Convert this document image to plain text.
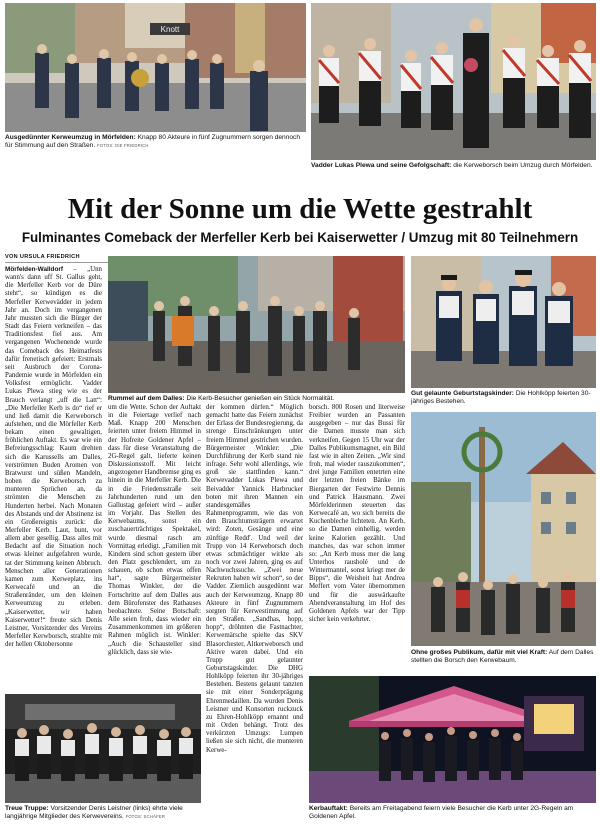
Knott
Ausgedünnter Kerweumzug in Mörfelden: Knapp 80 Akteure in fünf Zugnummern sorgen dennoch für Stimmung auf den Straßen. FOTOS: DIE FRIEDRICH
Vadder Lukas Plewa und seine Gefolgschaft: die Kerweborsch beim Umzug durch Mörfelden.
Mit der Sonne um die Wette gestrahlt
Fulminantes Comeback der Merfeller Kerb bei Kaiserwetter / Umzug mit 80 Teilnehmern
VON URSULA FRIEDRICH

Mörfelden-Walldorf – „Unn wann's dann uff St. Gallus geht, die Merfeller Kerb vor de Düre steht“, so kündigen es die Merfeller Kerwevädder in jedem Jahr an. Doch im vergangenen Jahr mussten sich die Bürger der Stadt das Feiern verkneifen – das Traditionsfest fiel aus. Am vergangenen Wochenende wurde das Comeback des Heimatfests dafür frenetisch gefeiert: Erstmals seit Ausbruch der Corona-Pandemie wurde in Mörfelden ein Volksfest ermöglicht. Vadder Lukas Plewa stieg wie es der Brauch verlangt „uff die Latt“: „Die Merfeller Kerb is do“ rief er und ließ damit die Kerweborsch aufstehen, und die Mörfeller Kerb bekam einen gewaltigen, fröhlichen Auftakt. Es war wie ein Befreiungsschlag: Kaum drehten sich die Karussells am Dalles, verströmten Buden Aromen von Bratwurst und süßen Mandeln, hoben die Kerweborsch zu munteren Sprüchen an, da strömten die Menschen zu Hunderten herbei. Nach Monaten des Abstands und der Abstinenz ist ein Großereignis zurück: die Merfeller Kerb. Laut, bunt, vor allem aber gesellig. Dass alles mit Bedacht auf die Situation noch etwas kleiner aufgefahren wurde, tat der Stimmung keinen Abbruch. Menschen aller Generationen kamen zum Kerweplatz, ins Kerwecafé und an die Straßenränder, um den kleinen Kerweumzug zu erleben. „Kaiserwetter, wir haben Kaiserwetter!“ freute sich Denis Leistner, Vorsitzender des Vereins Merfeller Kerwborsch, strahlte mit der hellen Oktobersonne

Rummel auf dem Dalles: Die Kerb-Besucher genießen ein Stück Normalität.

um die Wette. Schon der Auftakt in die Feiertage verlief nach Maß. Knapp 200 Menschen feierten unter freiem Himmel in der Hofreite Goldener Apfel – dass für diese Veranstaltung die 2G-Regel galt, lieferte keinen Diskussionsstoff. Mit leicht angezogener Handbremse ging es hinein in die Merfeller Kerb. Die in die Friedensstraße seit Jahrhunderten rund um den Gallustag gefeiert wird – außer im Vorjahr. Das Stellen des Kerwebaums, sonst ein zuschauerträchtiges Spektakel, wurde diesmal rasch am Vormittag erledigt. „Familien mit Kindern sind schon gestern über den Platz geschlendert, um zu schauen, ob schon etwas offen hat“, sagte Bürgermeister Thomas Winkler, der die Fortschritte auf dem Dalles aus dem Bürofenster des Rathauses beobachtete. Seine Botschaft: Alle seien froh, dass wieder ein Zusammenkommen im größeren Rahmen möglich ist. Winkler: „Auch die Schausteller sind glücklich, dass sie wie-

der kommen dürfen.“ Möglich gemacht hatte das Feiern zunächst der Erlass der Bundesregierung, da strenge Einschränkungen unter freiem Himmel gestrichen wurden. Bürgermeister Winkler: „Die Durchführung der Kerb stand nie infrage. Sehr wohl allerdings, wie groß sie stattfinden kann.“ Kerwevadder Lukas Plewa und Beivadder Yannick Harbrucker boten mit ihren Mannen ein standesgemäßes Rahmenprogramm, wie das von den Brauchtumsträgern erwartet wird: Zoten, Gesänge und eine zünftige Redd'. Und weil der Trupp von 14 Kerweborsch doch etwas schmächtiger wirkte als noch vor zwei Jahren, ging es auf Nachwuchssuche. „Zwei neue Rekruten haben wir schon“, so der Vadder. Ziemlich ausgedünnt war auch der Kerweumzug. Knapp 80 Akteure in fünf Zugnummern sorgten für Kerwestimmung auf den Straßen. „Sandhas, hopp, hopp“, dröhnten die Fastnachter, Kerwemärsche spielte das SKV Blasorchester, Altkerweborsch und Aktive waren dabei. Und ein Trupp gut gelaunter Geburtstagskinder. Die DHG Hohlköpp feierten ihr 30-jähriges Bestehen. Bestens gelaunt tanzten sie mit einer Sonderprägung Ehrenmedaillen. Da wurden Denis Leistner und Konsorten ruckzuck zu Ehren-Hohlköpp ernannt und mit Orden behängt. Trotz des verkürzten Umzugs: Lumpen ließen sie sich nicht, die munteren Kerwe-

borsch. 800 Rosen und literweise Freibier wurden an Passanten ausgegeben – nur das Bussi für die Damen musste man sich verkneifen. Gegen 15 Uhr war der Dalles Publikumsmagnet, ein Bild fast wie in alten Zeiten. „Wir sind froh, mal wieder rauszukommen“, drei junge Familien entetrten eine der letzten freien Bänke im Biergarten der Festwirte Dennis und Patrick Hausmann. Zwei Mörfelderinnen steuerten das Kerwecafé an, wo sich bereits die Kuchenbleche lichteten. An Kerb, so die Damen einhellig, werden keine Kalorien gezählt. Und manches, das war schon immer so: „An Kerb muss mer die lang Unterhos rausholé und de Wintermantel, sonst kriegt mer de Bipps“, die Weisheit hat Andrea Meffert vom Vater übernommen und für die auswärkaufte Abendveranstaltung im Hof des Goldenen Apfels war der Tipp sicher kein verkehrter.

Gut gelaunte Geburtstagskinder: Die Hohlköpp feierten 30-jähriges Bestehen.
Ohne großes Publikum, dafür mit viel Kraft: Auf dem Dalles stellten die Borsch den Kerwebaum.
Treue Truppe: Vorsitzender Denis Leistner (links) ehrte viele langjährige Mitglieder des Kerwevereins. FOTOS: SCHÄFER
Kerbauftakt: Bereits am Freitagabend feiern viele Besucher die Kerb unter 2G-Regeln am Goldenen Apfel.
